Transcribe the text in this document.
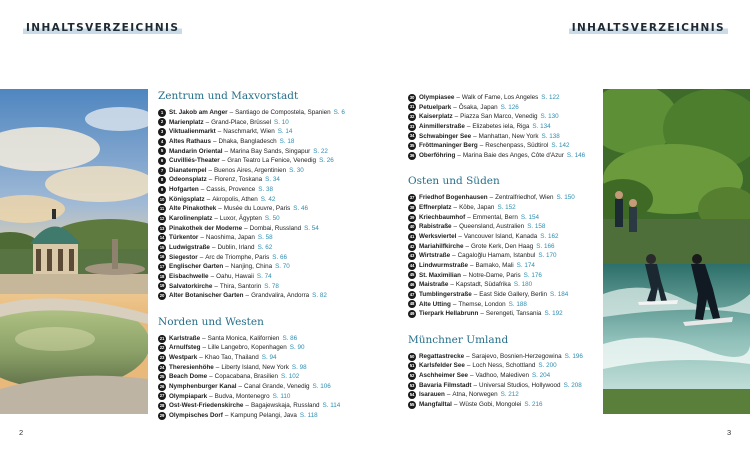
INHALTSVERZEICHNIS	INHALTSVERZEICHNIS
Zentrum und Maxvorstadt
1 St. Jakob am Anger – Santiago de Compostela, Spanien S. 6
2 Marienplatz – Grand-Place, Brüssel S. 10
3 Viktualienmarkt – Naschmarkt, Wien S. 14
4 Altes Rathaus – Dhaka, Bangladesch S. 18
5 Mandarin Oriental – Marina Bay Sands, Singapur S. 22
6 Cuvilliés-Theater – Gran Teatro La Fenice, Venedig S. 26
7 Dianatempel – Buenos Aires, Argentinien S. 30
8 Odeonsplatz – Florenz, Toskana S. 34
9 Hofgarten – Cassis, Provence S. 38
10 Königsplatz – Akropolis, Athen S. 42
11 Alte Pinakothek – Musée du Louvre, Paris S. 46
12 Karolinenplatz – Luxor, Ägypten S. 50
13 Pinakothek der Moderne – Dombai, Russland S. 54
14 Türkentor – Naoshima, Japan S. 58
15 Ludwigstraße – Dublin, Irland S. 62
16 Siegestor – Arc de Triomphe, Paris S. 66
17 Englischer Garten – Nanjing, China S. 70
18 Eisbachwelle – Oahu, Hawaii S. 74
19 Salvatorkirche – Thira, Santorin S. 78
20 Alter Botanischer Garten – Grandvalira, Andorra S. 82
Norden und Westen
21 Karlstraße – Santa Monica, Kalifornien S. 86
22 Arnulfsteg – Lille Langebro, Kopenhagen S. 90
23 Westpark – Khao Tao, Thailand S. 94
24 Theresienhöhe – Liberty Island, New York S. 98
25 Beach Dome – Copacabana, Brasilien S. 102
26 Nymphenburger Kanal – Canal Grande, Venedig S. 106
27 Olympiapark – Budva, Montenegro S. 110
28 Ost-West-Friedenskirche – Bagajewskaja, Russland S. 114
29 Olympisches Dorf – Kampung Pelangi, Java S. 118
30 Olympiasee – Walk of Fame, Los Angeles S. 122
31 Petuelpark – Ōsaka, Japan S. 126
32 Kaiserplatz – Piazza San Marco, Venedig S. 130
33 Ainmillerstraße – Elizabetes iela, Riga S. 134
34 Schwabinger See – Manhattan, New York S. 138
35 Fröttmaninger Berg – Reschenpass, Südtirol S. 142
36 Oberföhring – Marina Baie des Anges, Côte d'Azur S. 146
Osten und Süden
37 Friedhof Bogenhausen – Zentralfriedhof, Wien S. 150
38 Effnerplatz – Kōbe, Japan S. 152
39 Kriechbaumhof – Emmental, Bern S. 154
40 Rabistraße – Queensland, Australien S. 158
41 Werksviertel – Vancouver Island, Kanada S. 162
42 Mariahilfkirche – Grote Kerk, Den Haag S. 166
43 Wirtstraße – Cagaloğlu Hamam, Istanbul S. 170
44 Lindwurmstraße – Bamako, Mali S. 174
45 St. Maximilian – Notre-Dame, Paris S. 176
46 Maistraße – Kapstadt, Südafrika S. 180
47 Tumblingerstraße – East Side Gallery, Berlin S. 184
48 Alte Utting – Themse, London S. 188
49 Tierpark Hellabrunn – Serengeti, Tansania S. 192
Münchner Umland
50 Regattastrecke – Sarajevo, Bosnien-Herzegowina S. 196
51 Karlsfelder See – Loch Ness, Schottland S. 200
52 Aschheimer See – Vadhoo, Malediven S. 204
53 Bavaria Filmstadt – Universal Studios, Hollywood S. 208
54 Isarauen – Atna, Norwegen S. 212
55 Mangfalltal – Wüste Gobi, Mongolei S. 216
2	3
